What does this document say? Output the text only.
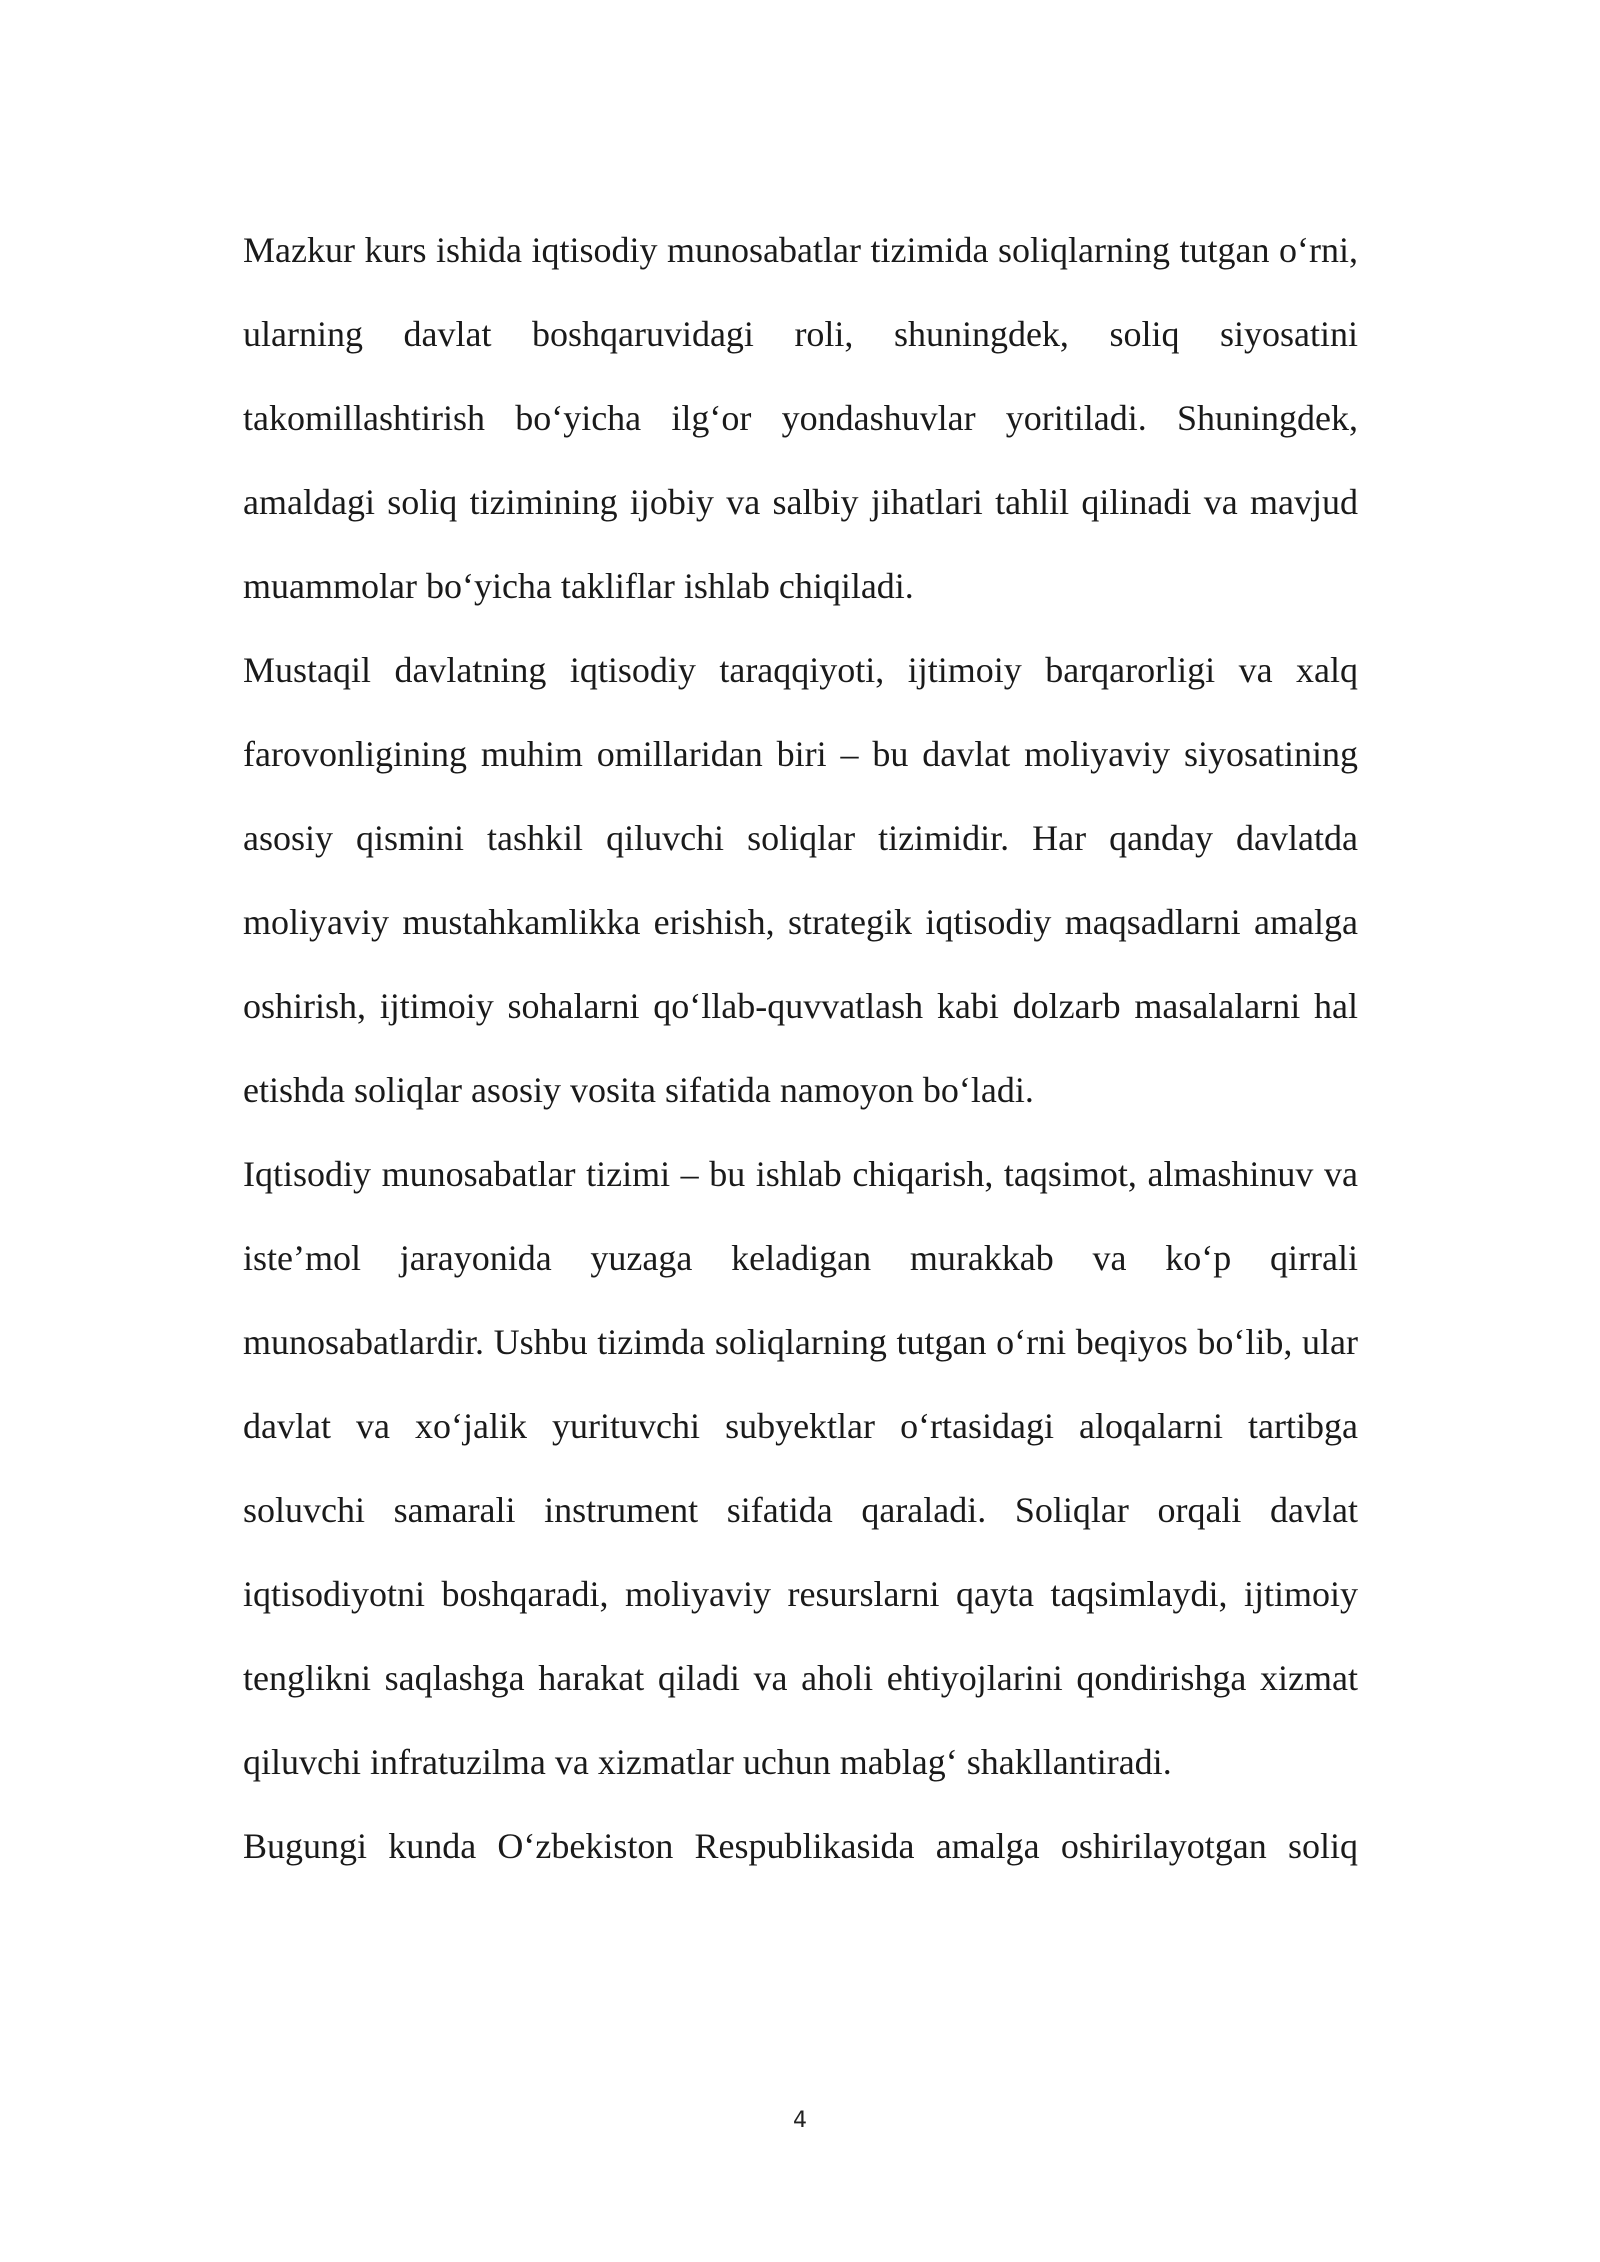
Mazkur kurs ishida iqtisodiy munosabatlar tizimida soliqlarning tutgan o‘rni, ularning davlat boshqaruvidagi roli, shuningdek, soliq siyosatini takomillashtirish bo‘yicha ilg‘or yondashuvlar yoritiladi. Shuningdek, amaldagi soliq tizimining ijobiy va salbiy jihatlari tahlil qilinadi va mavjud muammolar bo‘yicha takliflar ishlab chiqiladi.

Mustaqil davlatning iqtisodiy taraqqiyoti, ijtimoiy barqarorligi va xalq farovonligining muhim omillaridan biri – bu davlat moliyaviy siyosatining asosiy qismini tashkil qiluvchi soliqlar tizimidir. Har qanday davlatda moliyaviy mustahkamlikka erishish, strategik iqtisodiy maqsadlarni amalga oshirish, ijtimoiy sohalarni qo‘llab-quvvatlash kabi dolzarb masalalarni hal etishda soliqlar asosiy vosita sifatida namoyon bo‘ladi.

Iqtisodiy munosabatlar tizimi – bu ishlab chiqarish, taqsimot, almashinuv va iste’mol jarayonida yuzaga keladigan murakkab va ko‘p qirrali munosabatlardir. Ushbu tizimda soliqlarning tutgan o‘rni beqiyos bo‘lib, ular davlat va xo‘jalik yurituvchi subyektlar o‘rtasidagi aloqalarni tartibga soluvchi samarali instrument sifatida qaraladi. Soliqlar orqali davlat iqtisodiyotni boshqaradi, moliyaviy resurslarni qayta taqsimlaydi, ijtimoiy tenglikni saqlashga harakat qiladi va aholi ehtiyojlarini qondirishga xizmat qiluvchi infratuzilma va xizmatlar uchun mablag‘ shakllantiradi.

Bugungi kunda O‘zbekiston Respublikasida amalga oshirilayotgan soliq

4
